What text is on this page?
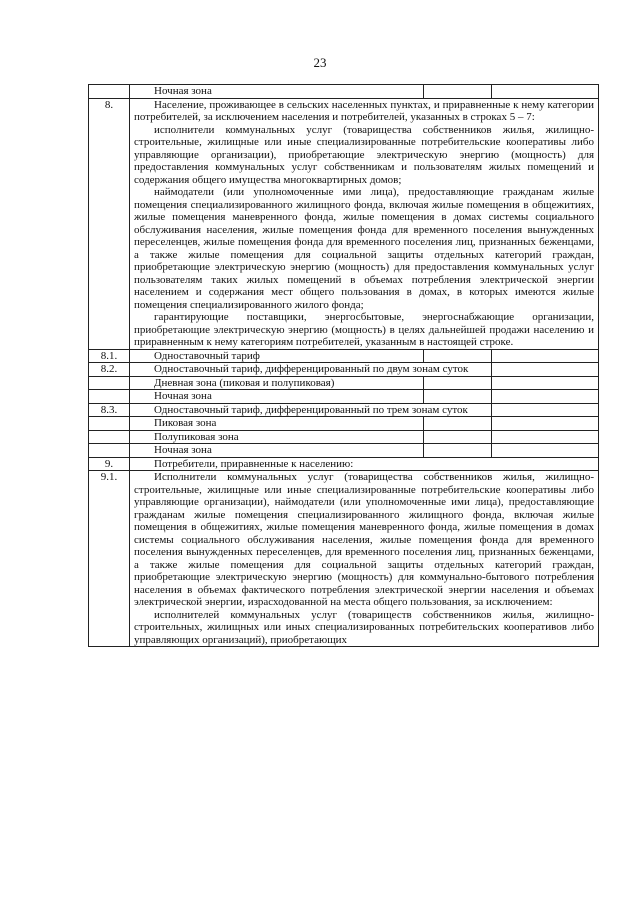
23
	Ночная зона		
8.	Население, проживающее в сельских населенных пунктах, и приравненные к нему категории потребителей, за исключением населения и потребителей, указанных в строках 5 – 7:

исполнители коммунальных услуг (товарищества собственников жилья, жилищно-строительные, жилищные или иные специализированные потребительские кооперативы либо управляющие организации), приобретающие электрическую энергию (мощность) для предоставления коммунальных услуг собственникам и пользователям жилых помещений и содержания общего имущества многоквартирных домов;

наймодатели (или уполномоченные ими лица), предоставляющие гражданам жилые помещения специализированного жилищного фонда, включая жилые помещения в общежитиях, жилые помещения маневренного фонда, жилые помещения в домах системы социального обслуживания населения, жилые помещения фонда для временного поселения вынужденных переселенцев, жилые помещения фонда для временного поселения лиц, признанных беженцами, а также жилые помещения для социальной защиты отдельных категорий граждан, приобретающие электрическую энергию (мощность) для предоставления коммунальных услуг пользователям таких жилых помещений в объемах потребления электрической энергии населением и содержания мест общего пользования в домах, в которых имеются жилые помещения специализированного жилого фонда;

гарантирующие поставщики, энергосбытовые, энергоснабжающие организации, приобретающие электрическую энергию (мощность) в целях дальнейшей продажи населению и приравненным к нему категориям потребителей, указанным в настоящей строке.		

8.1.	Одноставочный тариф		
8.2.	Одноставочный тариф, дифференцированный по двум зонам суток		
	Дневная зона (пиковая и полупиковая)		
	Ночная зона		
8.3.	Одноставочный тариф, дифференцированный по трем зонам суток		
	Пиковая зона		
	Полупиковая зона		
	Ночная зона		
9.	Потребители, приравненные к населению:		
9.1.	Исполнители коммунальных услуг (товарищества собственников жилья, жилищно-строительные, жилищные или иные специализированные потребительские кооперативы либо управляющие организации), наймодатели (или уполномоченные ими лица), предоставляющие гражданам жилые помещения специализированного жилищного фонда, включая жилые помещения в общежитиях, жилые помещения маневренного фонда, жилые помещения в домах системы социального обслуживания населения, жилые помещения фонда для временного поселения вынужденных переселенцев, для временного поселения лиц, признанных беженцами, а также жилые помещения для социальной защиты отдельных категорий граждан, приобретающие электрическую энергию (мощность) для коммунально-бытового потребления населения в объемах фактического потребления электрической энергии населения и объемах электрической энергии, израсходованной на места общего пользования, за исключением:

исполнителей коммунальных услуг (товариществ собственников жилья, жилищно-строительных, жилищных или иных специализированных потребительских кооперативов либо управляющих организаций), приобретающих		
